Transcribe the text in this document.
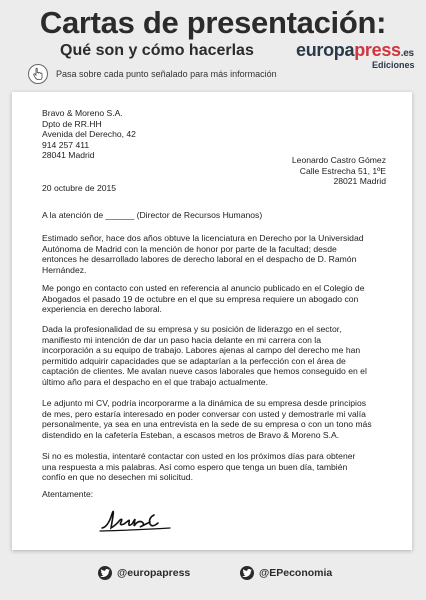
Cartas de presentación:
Qué son y cómo hacerlas europapress.es
Ediciones
Pasa sobre cada punto señalado para más información
Bravo & Moreno S.A.
Dpto de RR.HH
Avenida del Derecho, 42
914 257 411
28041 Madrid	Leonardo Castro Gómez
Calle Estrecha 51, 1ºE
28021 Madrid
20 octubre de 2015
A la atención de ______ (Director de Recursos Humanos)
Estimado señor, hace dos años obtuve la licenciatura en Derecho por la Universidad
Autónoma de Madrid con la mención de honor por parte de la facultad; desde
entonces he desarrollado labores de derecho laboral en el despacho de D. Ramón
Hernández.
Me pongo en contacto con usted en referencia al anuncio publicado en el Colegio de
Abogados el pasado 19 de octubre en el que su empresa requiere un abogado con
experiencia en derecho laboral.
Dada la profesionalidad de su empresa y su posición de liderazgo en el sector,
manifiesto mi intención de dar un paso hacia delante en mi carrera con la
incorporación a su equipo de trabajo. Labores ajenas al campo del derecho me han
permitido adquirir capacidades que se adaptarían a la perfección con el área de
captación de clientes. Me avalan nueve casos laborales que hemos conseguido en el
último año para el despacho en el que trabajo actualmente.
Le adjunto mi CV, podría incorporarme a la dinámica de su empresa desde principios
de mes, pero estaría interesado en poder conversar con usted y demostrarle mi valía
personalmente, ya sea en una entrevista en la sede de su empresa o con un tono más
distendido en la cafetería Esteban, a escasos metros de Bravo & Moreno S.A.
Si no es molestia, intentaré contactar con usted en los próximos días para obtener
una respuesta a mis palabras. Así como espero que tenga un buen día, también
confío en que no desechen mi solicitud.
Atentamente:
@europapress	@EPeconomia
